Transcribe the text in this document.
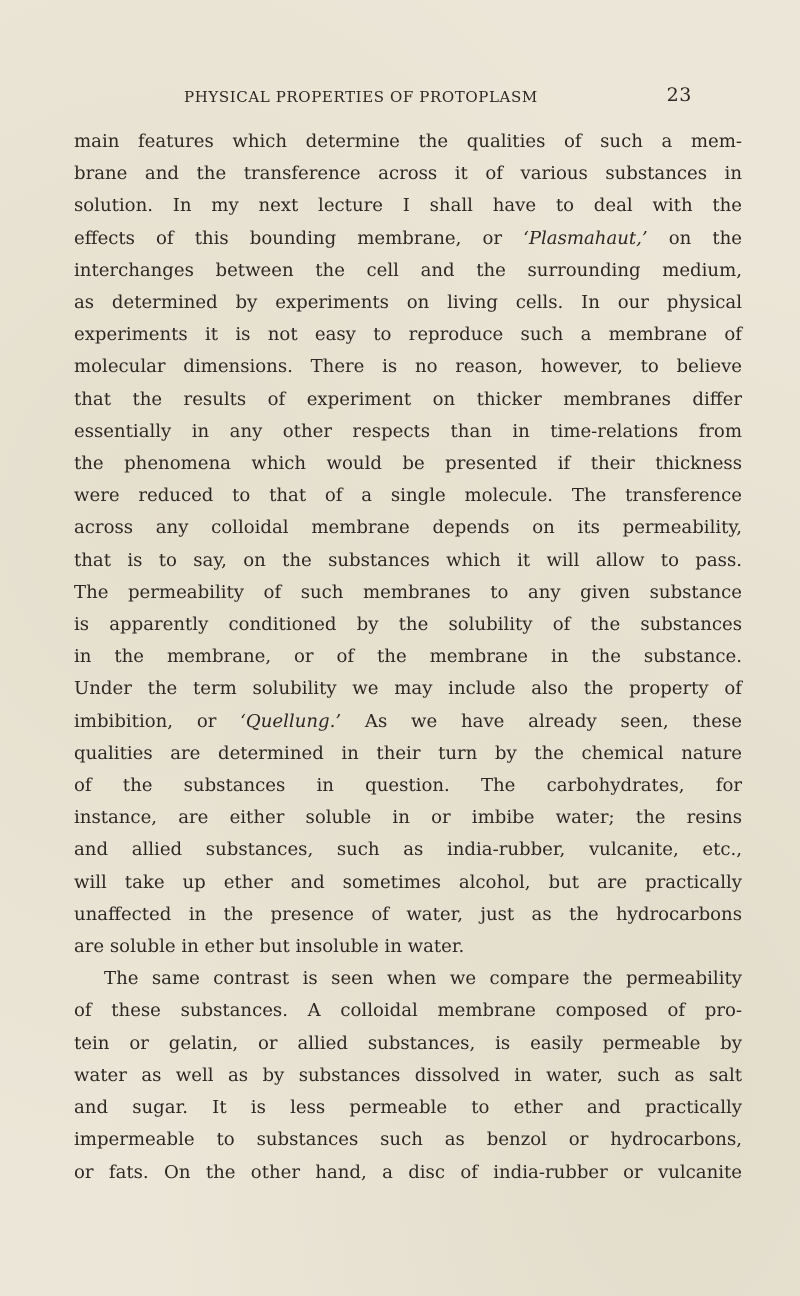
PHYSICAL PROPERTIES OF PROTOPLASM	23
main features which determine the qualities of such a mem-
brane and the transference across it of various substances in
solution. In my next lecture I shall have to deal with the
effects of this bounding membrane, or ‘Plasmahaut,’ on the
interchanges between the cell and the surrounding medium,
as determined by experiments on living cells. In our physical
experiments it is not easy to reproduce such a membrane of
molecular dimensions. There is no reason, however, to believe
that the results of experiment on thicker membranes differ
essentially in any other respects than in time-relations from
the phenomena which would be presented if their thickness
were reduced to that of a single molecule. The transference
across any colloidal membrane depends on its permeability,
that is to say, on the substances which it will allow to pass.
The permeability of such membranes to any given substance
is apparently conditioned by the solubility of the substances
in the membrane, or of the membrane in the substance.
Under the term solubility we may include also the property of
imbibition, or ‘Quellung.’ As we have already seen, these
qualities are determined in their turn by the chemical nature
of the substances in question. The carbohydrates, for
instance, are either soluble in or imbibe water; the resins
and allied substances, such as india-rubber, vulcanite, etc.,
will take up ether and sometimes alcohol, but are practically
unaffected in the presence of water, just as the hydrocarbons
are soluble in ether but insoluble in water.
The same contrast is seen when we compare the permeability
of these substances. A colloidal membrane composed of pro-
tein or gelatin, or allied substances, is easily permeable by
water as well as by substances dissolved in water, such as salt
and sugar. It is less permeable to ether and practically
impermeable to substances such as benzol or hydrocarbons,
or fats. On the other hand, a disc of india-rubber or vulcanite
